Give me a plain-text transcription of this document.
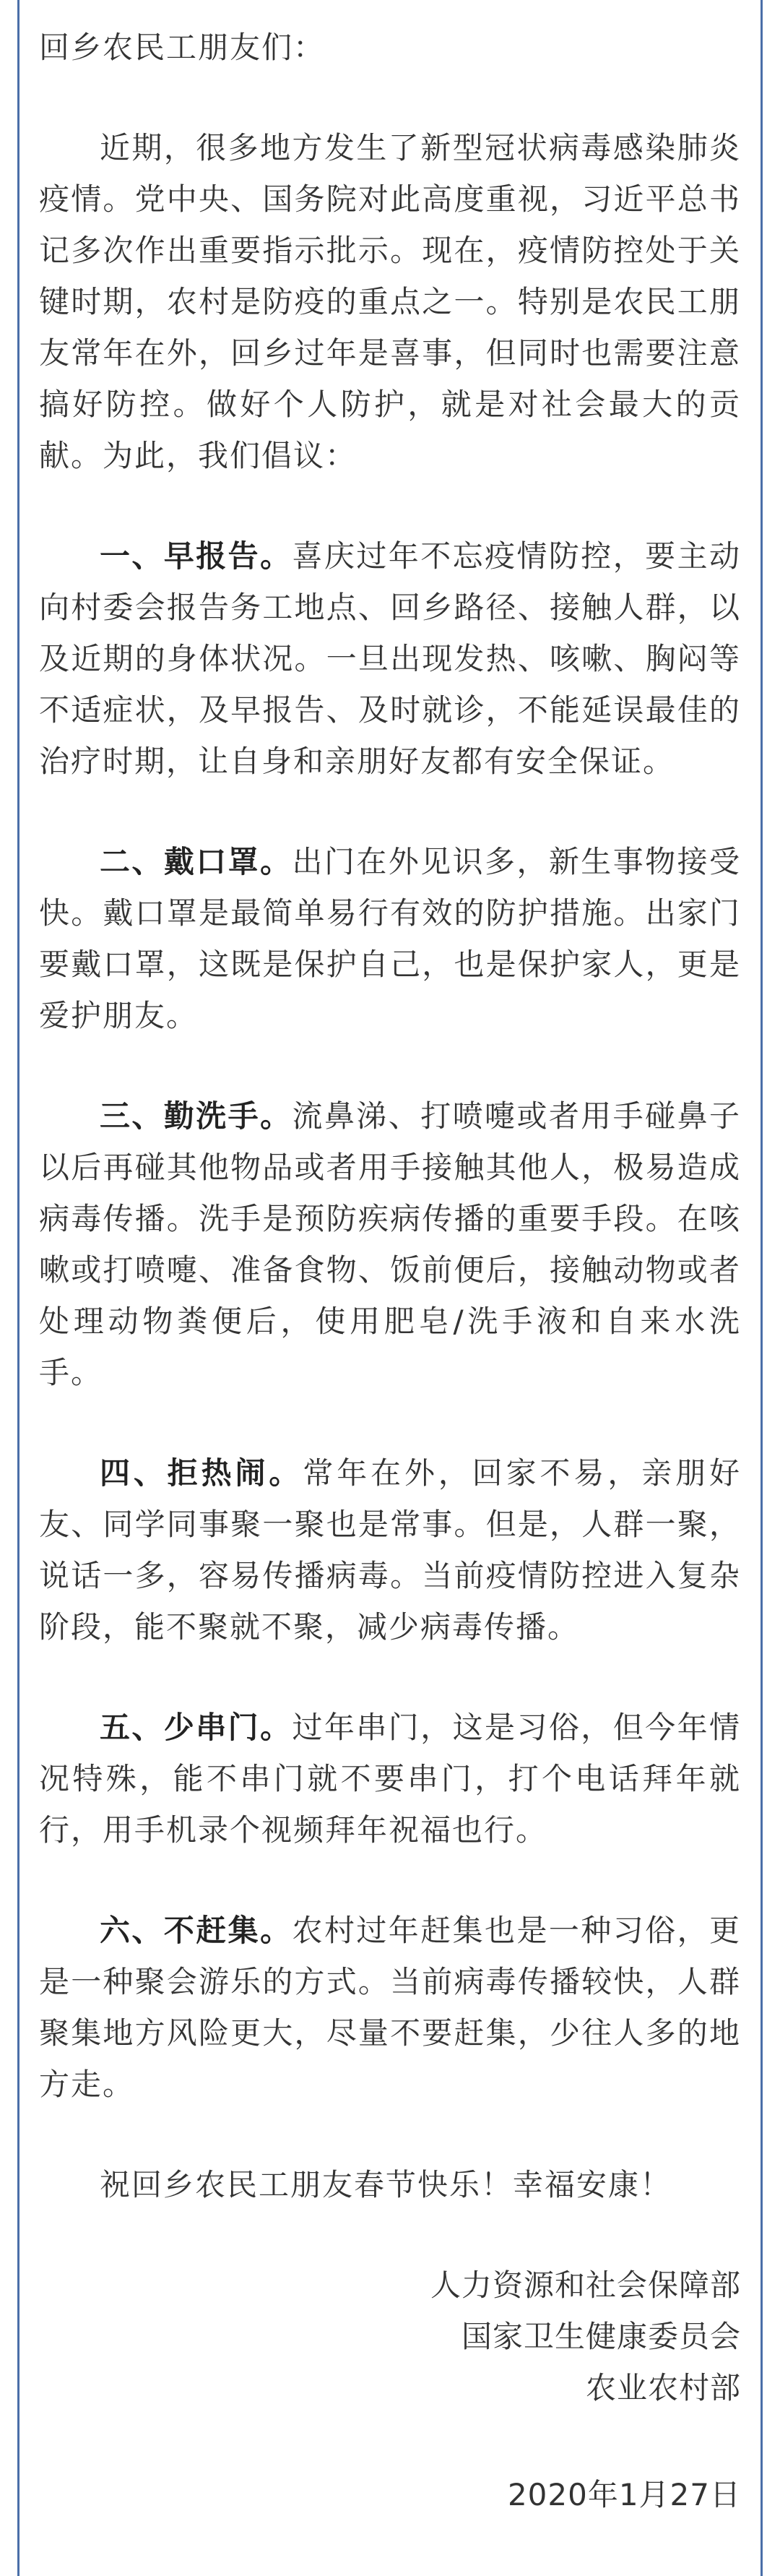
回乡农民工朋友们：

近期，很多地方发生了新型冠状病毒感染肺炎疫情。党中央、国务院对此高度重视，习近平总书记多次作出重要指示批示。现在，疫情防控处于关键时期，农村是防疫的重点之一。特别是农民工朋友常年在外，回乡过年是喜事，但同时也需要注意搞好防控。做好个人防护，就是对社会最大的贡献。为此，我们倡议：

一、早报告。喜庆过年不忘疫情防控，要主动向村委会报告务工地点、回乡路径、接触人群，以及近期的身体状况。一旦出现发热、咳嗽、胸闷等不适症状，及早报告、及时就诊，不能延误最佳的治疗时期，让自身和亲朋好友都有安全保证。

二、戴口罩。出门在外见识多，新生事物接受快。戴口罩是最简单易行有效的防护措施。出家门要戴口罩，这既是保护自己，也是保护家人，更是爱护朋友。

三、勤洗手。流鼻涕、打喷嚏或者用手碰鼻子以后再碰其他物品或者用手接触其他人，极易造成病毒传播。洗手是预防疾病传播的重要手段。在咳嗽或打喷嚏、准备食物、饭前便后，接触动物或者处理动物粪便后，使用肥皂/洗手液和自来水洗手。

四、拒热闹。常年在外，回家不易，亲朋好友、同学同事聚一聚也是常事。但是，人群一聚，说话一多，容易传播病毒。当前疫情防控进入复杂阶段，能不聚就不聚，减少病毒传播。

五、少串门。过年串门，这是习俗，但今年情况特殊，能不串门就不要串门，打个电话拜年就行，用手机录个视频拜年祝福也行。

六、不赶集。农村过年赶集也是一种习俗，更是一种聚会游乐的方式。当前病毒传播较快，人群聚集地方风险更大，尽量不要赶集，少往人多的地方走。

祝回乡农民工朋友春节快乐！幸福安康！

人力资源和社会保障部

国家卫生健康委员会

农业农村部

2020年1月27日
